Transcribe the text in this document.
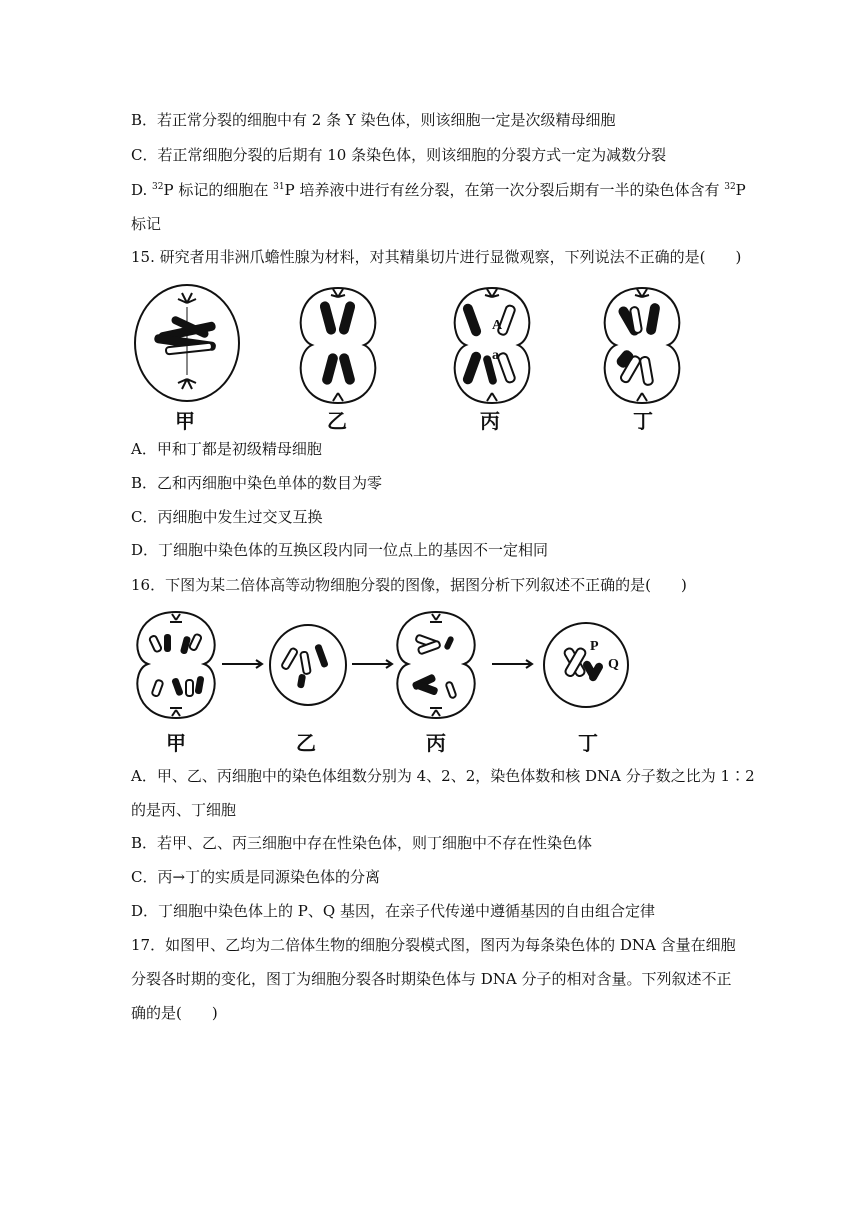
B．若正常分裂的细胞中有 2 条 Y 染色体，则该细胞一定是次级精母细胞
C．若正常细胞分裂的后期有 10 条染色体，则该细胞的分裂方式一定为减数分裂
D. $^{32}$P 标记的细胞在 $^{31}$P 培养液中进行有丝分裂，在第一次分裂后期有一半的染色体含有 $^{32}$P
标记
15. 研究者用非洲爪蟾性腺为材料，对其精巢切片进行显微观察，下列说法不正确的是(　　)
A
a
甲	乙	丙	丁
A．甲和丁都是初级精母细胞
B．乙和丙细胞中染色单体的数目为零
C．丙细胞中发生过交叉互换
D．丁细胞中染色体的互换区段内同一位点上的基因不一定相同
16．下图为某二倍体高等动物细胞分裂的图像，据图分析下列叙述不正确的是(　　)
P
Q
甲	乙	丙	丁
A．甲、乙、丙细胞中的染色体组数分别为 4、2、2，染色体数和核 DNA 分子数之比为 1∶2
的是丙、丁细胞
B．若甲、乙、丙三细胞中存在性染色体，则丁细胞中不存在性染色体
C．丙→丁的实质是同源染色体的分离
D．丁细胞中染色体上的 P、Q 基因，在亲子代传递中遵循基因的自由组合定律
17．如图甲、乙均为二倍体生物的细胞分裂模式图，图丙为每条染色体的 DNA 含量在细胞
分裂各时期的变化，图丁为细胞分裂各时期染色体与 DNA 分子的相对含量。下列叙述不正
确的是(　　)
